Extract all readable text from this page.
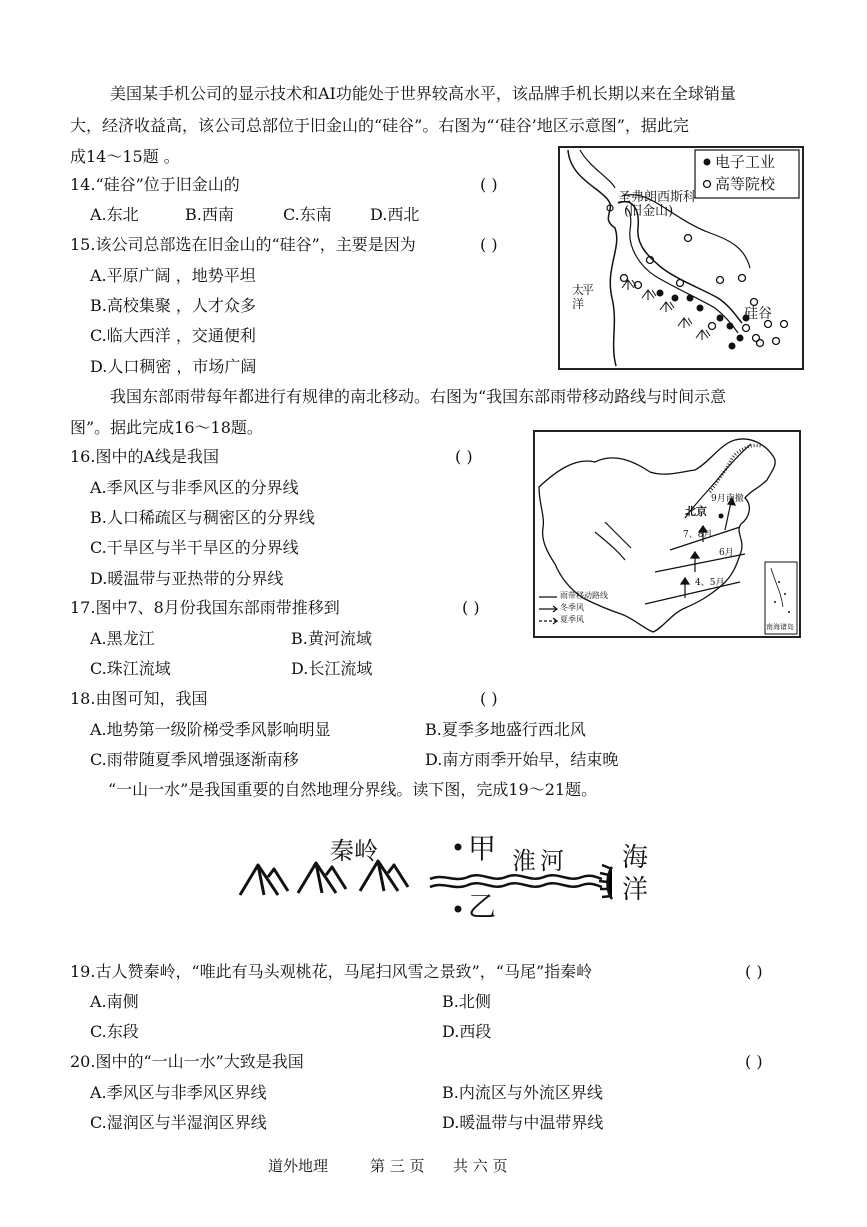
美国某手机公司的显示技术和AI功能处于世界较高水平，该品牌手机长期以来在全球销量
大，经济收益高，该公司总部位于旧金山的“硅谷”。右图为“‘硅谷’地区示意图”，据此完
成14～15题 。
14.“硅谷”位于旧金山的	( )
A.东北	B.西南	C.东南 D.西北
15.该公司总部选在旧金山的“硅谷”，主要是因为	( )
A.平原广阔 ，地势平坦
B.高校集聚 ，人才众多
C.临大西洋 ，交通便利
D.人口稠密 ，市场广阔
电子工业
高等院校
圣弗朗西斯科
(旧金山)
太
平
洋
硅谷
我国东部雨带每年都进行有规律的南北移动。右图为“我国东部雨带移动路线与时间示意
图”。据此完成16～18题。
16.图中的A线是我国	( )
A.季风区与非季风区的分界线
B.人口稀疏区与稠密区的分界线
C.干旱区与半干旱区的分界线
D.暖温带与亚热带的分界线
北京
9月南撤
7、8月
6月
4、5月
雨带移动路线
冬季风
夏季风
南海诸岛
17.图中7、8月份我国东部雨带推移到	( )
A.黑龙江	B.黄河流域
C.珠江流域	D.长江流域
18.由图可知，我国	( )
A.地势第一级阶梯受季风影响明显	B.夏季多地盛行西北风
C.雨带随夏季风增强逐渐南移	D.南方雨季开始早，结束晚
“一山一水”是我国重要的自然地理分界线。读下图，完成19～21题。
秦岭	淮河
甲
乙
海
洋
19.古人赞秦岭，“唯此有马头观桃花，马尾扫风雪之景致”，“马尾”指秦岭	( )
A.南侧	B.北侧
C.东段	D.西段
20.图中的“一山一水”大致是我国	( )
A.季风区与非季风区界线	B.内流区与外流区界线
C.湿润区与半湿润区界线	D.暖温带与中温带界线
道外地理	第 三 页 共 六 页
